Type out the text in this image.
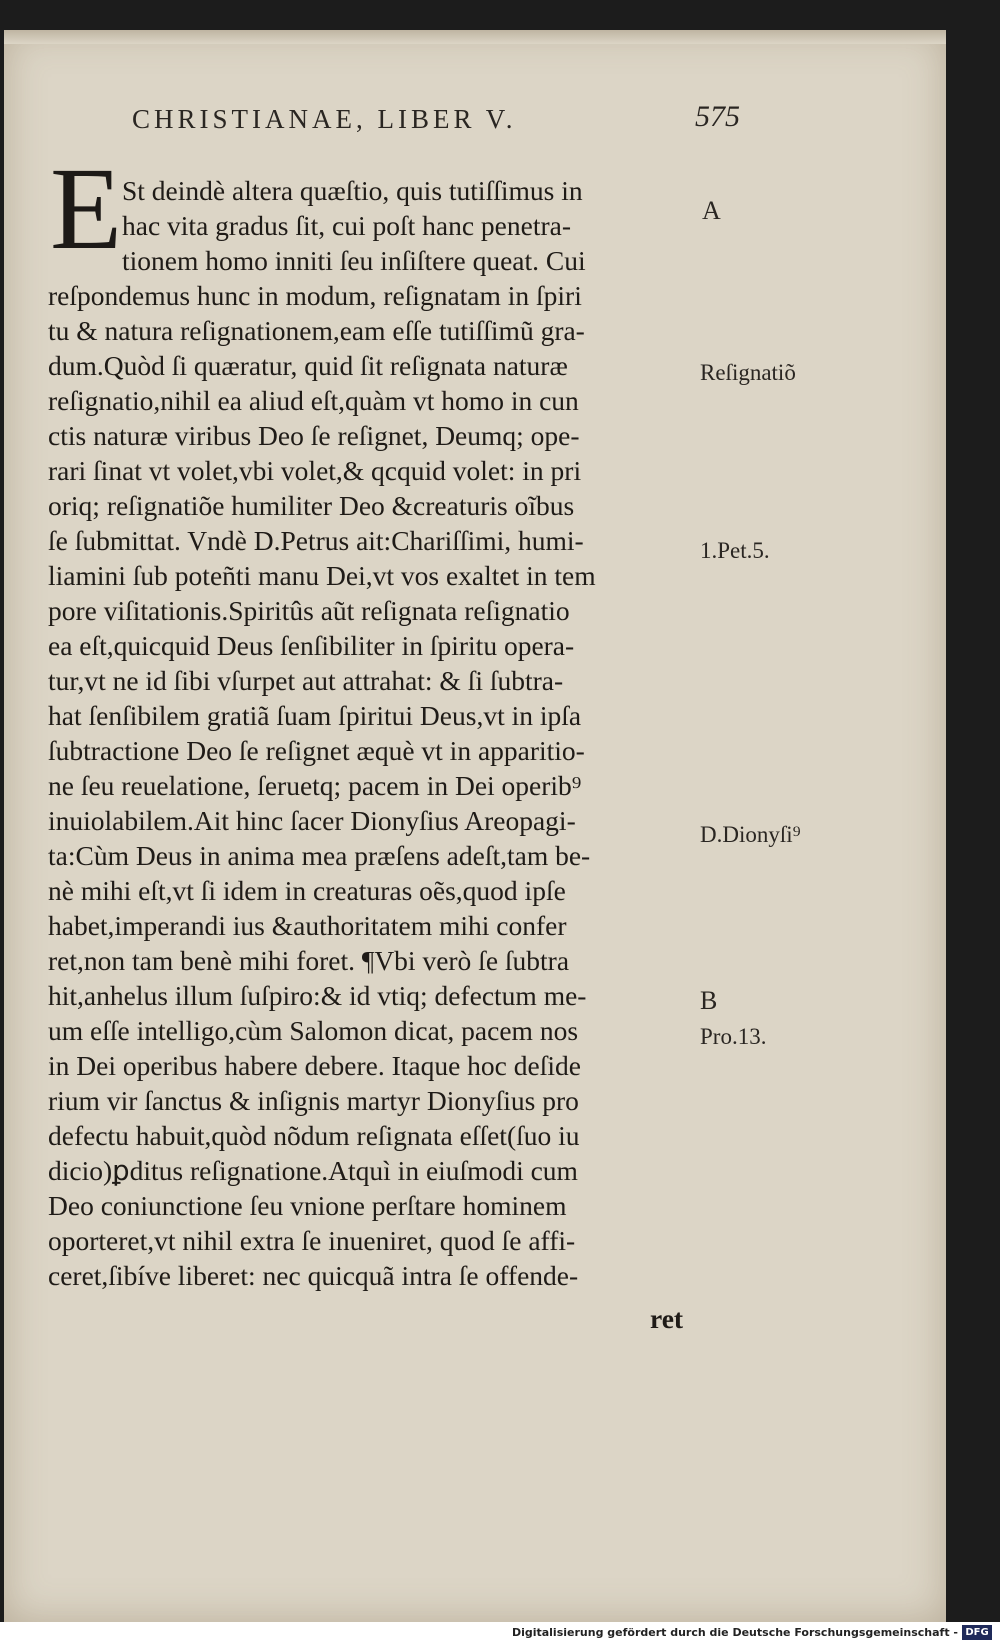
CHRISTIANAE, LIBER V.	575
E St deindè altera quæſtio, quis tutiſſimus in
hac vita gradus ſit, cui poſt hanc penetra-
tionem homo inniti ſeu inſiſtere queat. Cui
reſpondemus hunc in modum, reſignatam in ſpiri
tu & natura reſignationem,eam eſſe tutiſſimũ gra-
dum.Quòd ſi quæratur, quid ſit reſignata naturæ
reſignatio,nihil ea aliud eſt,quàm vt homo in cun
ctis naturæ viribus Deo ſe reſignet, Deumq; ope-
rari ſinat vt volet,vbi volet,& qcquid volet: in pri
oriq; reſignatiõe humiliter Deo &creaturis oĩbus
ſe ſubmittat. Vndè D.Petrus ait:Chariſſimi, humi-
liamini ſub poteñti manu Dei,vt vos exaltet in tem
pore viſitationis.Spiritûs aũt reſignata reſignatio
ea eſt,quicquid Deus ſenſibiliter in ſpiritu opera-
tur,vt ne id ſibi vſurpet aut attrahat: & ſi ſubtra-
hat ſenſibilem gratiã ſuam ſpiritui Deus,vt in ipſa
ſubtractione Deo ſe reſignet æquè vt in apparitio-
ne ſeu reuelatione, ſeruetq; pacem in Dei operib⁹
inuiolabilem.Ait hinc ſacer Dionyſius Areopagi-
ta:Cùm Deus in anima mea præſens adeſt,tam be-
nè mihi eſt,vt ſi idem in creaturas oẽs,quod ipſe
habet,imperandi ius &authoritatem mihi confer
ret,non tam benè mihi foret. ¶Vbi verò ſe ſubtra
hit,anhelus illum ſuſpiro:& id vtiq; defectum me-
um eſſe intelligo,cùm Salomon dicat, pacem nos
in Dei operibus habere debere. Itaque hoc deſide
rium vir ſanctus & inſignis martyr Dionyſius pro
defectu habuit,quòd nõdum reſignata eſſet(ſuo iu
dicio)ꝑditus reſignatione.Atquì in eiuſmodi cum
Deo coniunctione ſeu vnione perſtare hominem
oporteret,vt nihil extra ſe inueniret, quod ſe affi-
ceret,ſibíve liberet: nec quicquã intra ſe offende-
ret
A
Reſignatiõ
1.Pet.5.
D.Dionyſi⁹
B
Pro.13.
Digitalisierung gefördert durch die Deutsche Forschungsgemeinschaft - DFG
